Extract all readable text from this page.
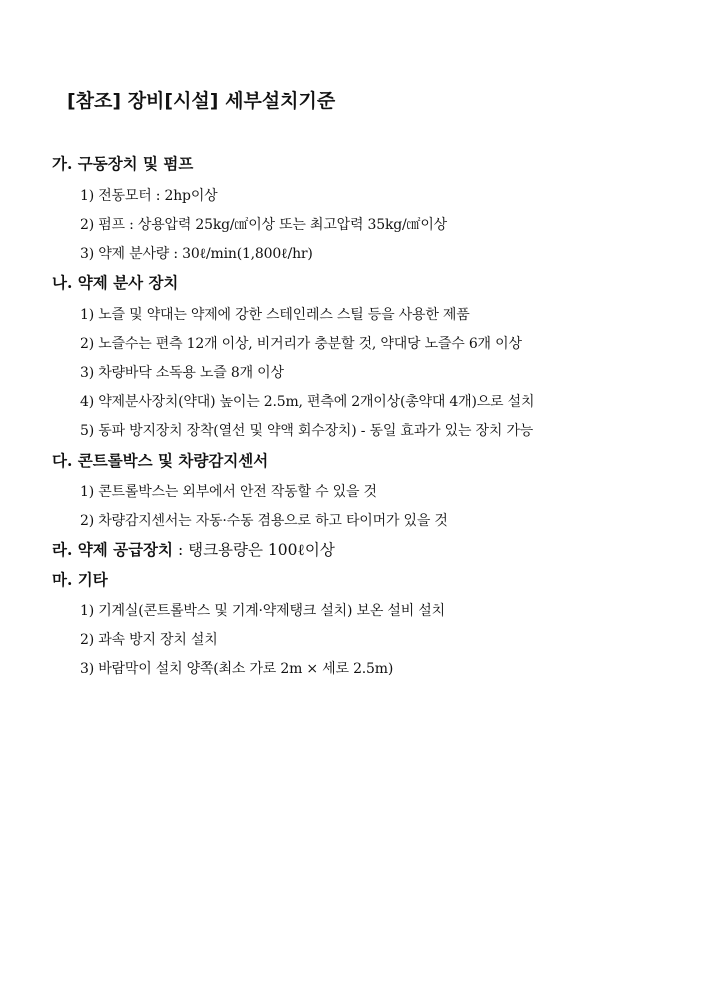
[참조] 장비[시설] 세부설치기준
가. 구동장치 및 펌프
1) 전동모터 : 2hp이상
2) 펌프 : 상용압력 25kg/㎠이상 또는 최고압력 35kg/㎠이상
3) 약제 분사량 : 30ℓ/min(1,800ℓ/hr)
나. 약제 분사 장치
1) 노즐 및 약대는 약제에 강한 스테인레스 스틸 등을 사용한 제품
2) 노즐수는 편측 12개 이상, 비거리가 충분할 것, 약대당 노즐수 6개 이상
3) 차량바닥 소독용 노즐 8개 이상
4) 약제분사장치(약대) 높이는 2.5m, 편측에 2개이상(총약대 4개)으로 설치
5) 동파 방지장치 장착(열선 및 약액 회수장치) - 동일 효과가 있는 장치 가능
다. 콘트롤박스 및 차량감지센서
1) 콘트롤박스는 외부에서 안전 작동할 수 있을 것
2) 차량감지센서는 자동·수동 겸용으로 하고 타이머가 있을 것
라. 약제 공급장치 : 탱크용량은 100ℓ이상
마. 기타
1) 기계실(콘트롤박스 및 기계·약제탱크 설치) 보온 설비 설치
2) 과속 방지 장치 설치
3) 바람막이 설치 양쪽(최소 가로 2m × 세로 2.5m)
